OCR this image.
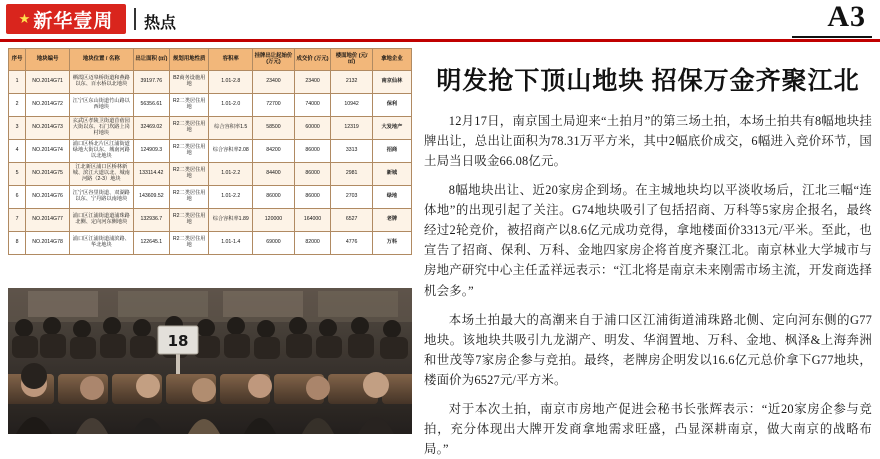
★ 新华壹周 热点	A3
序号	地块编号	地块位置 / 名称	出让面积 (㎡)	规划用地性质	容积率	挂牌出让起始价 (万元)	成交价 (万元)	楼面地价 (元/㎡)	拿地企业
1	NO.2014G71	栖霞区迈皋桥街道和燕路以东、百水桥以北地块	39197.76	B2商务设施用地	1.01-2.8	23400	23400	2132	南京仙林
2	NO.2014G72	江宁区东山街道竹山路以西地块	56356.61	R2二类居住用地	1.01-2.0	72700	74000	10942	保利
3	NO.2014G73	玄武区孝陵卫街道苜蓿园大街以东、石门坎路上岗村地块	32469.02	R2二类居住用地	综合容积率1.5	58500	60000	12319	大发地产
4	NO.2014G74	浦口区桥北片区江浦街道绿地大街以东、城南河路以北地块	124909.3	R2二类居住用地	综合容积率2.08	84200	86000	3313	招商
5	NO.2014G75	江北新区浦口区桥林新城、滨江大道以北、城南河路（2-3）地块	133114.42	R2二类居住用地	1.01-2.2	84400	86000	2981	新城
6	NO.2014G76	江宁区谷里街道、双湖路以东、宁丹路以南地块	143609.52	R2二类居住用地	1.01-2.2	86000	86000	2703	绿地
7	NO.2014G77	浦口区江浦街道道浦珠路北侧、定向河东侧地块	132936.7	R2二类居住用地	综合容积率1.89	120000	164000	6527	老牌
8	NO.2014G78	浦口区江浦街道浦滨路、华北地块	122645.1	R2二类居住用地	1.01-1.4	69000	82000	4776	万科
18
明发抢下顶山地块 招保万金齐聚江北

12月17日，南京国土局迎来“土拍月”的第三场土拍，本场土拍共有8幅地块挂牌出让，总出让面积为78.31万平方米，其中2幅底价成交，6幅进入竞价环节，国土局当日吸金66.08亿元。

8幅地块出让、近20家房企到场。在主城地块均以平淡收场后，江北三幅“连体地”的出现引起了关注。G74地块吸引了包括招商、万科等5家房企报名，最终经过2轮竞价，被招商឵产以8.6亿元成功竞得，拿地楼面价3313元/平米。至此，也宣告了招商、保利、万科、金地四家房企将首度齐聚江北。南京林业大学城市与房地产研究中心主任孟祥远表示：“江北将是南京未来刚需市场主流，开发商选择机会多。”

本场土拍最大的高潮来自于浦口区江浦街道浦珠路北侧、定向河东侧的G77地块。该地块共吸引九龙湖产、明发、华润置地、万科、金地、枫泽&上海奔洲和世茂等7家房企参与竞拍。最终，老牌房企明发以16.6亿元总价拿下G77地块，楼面价为6527元/平方米。

对于本次土拍，南京市房地产促进会秘书长张辉表示：“近20家房企参与竞拍，充分体现出大牌开发商拿地需求旺盛，凸显深耕南京，做大南京的战略布局。”
